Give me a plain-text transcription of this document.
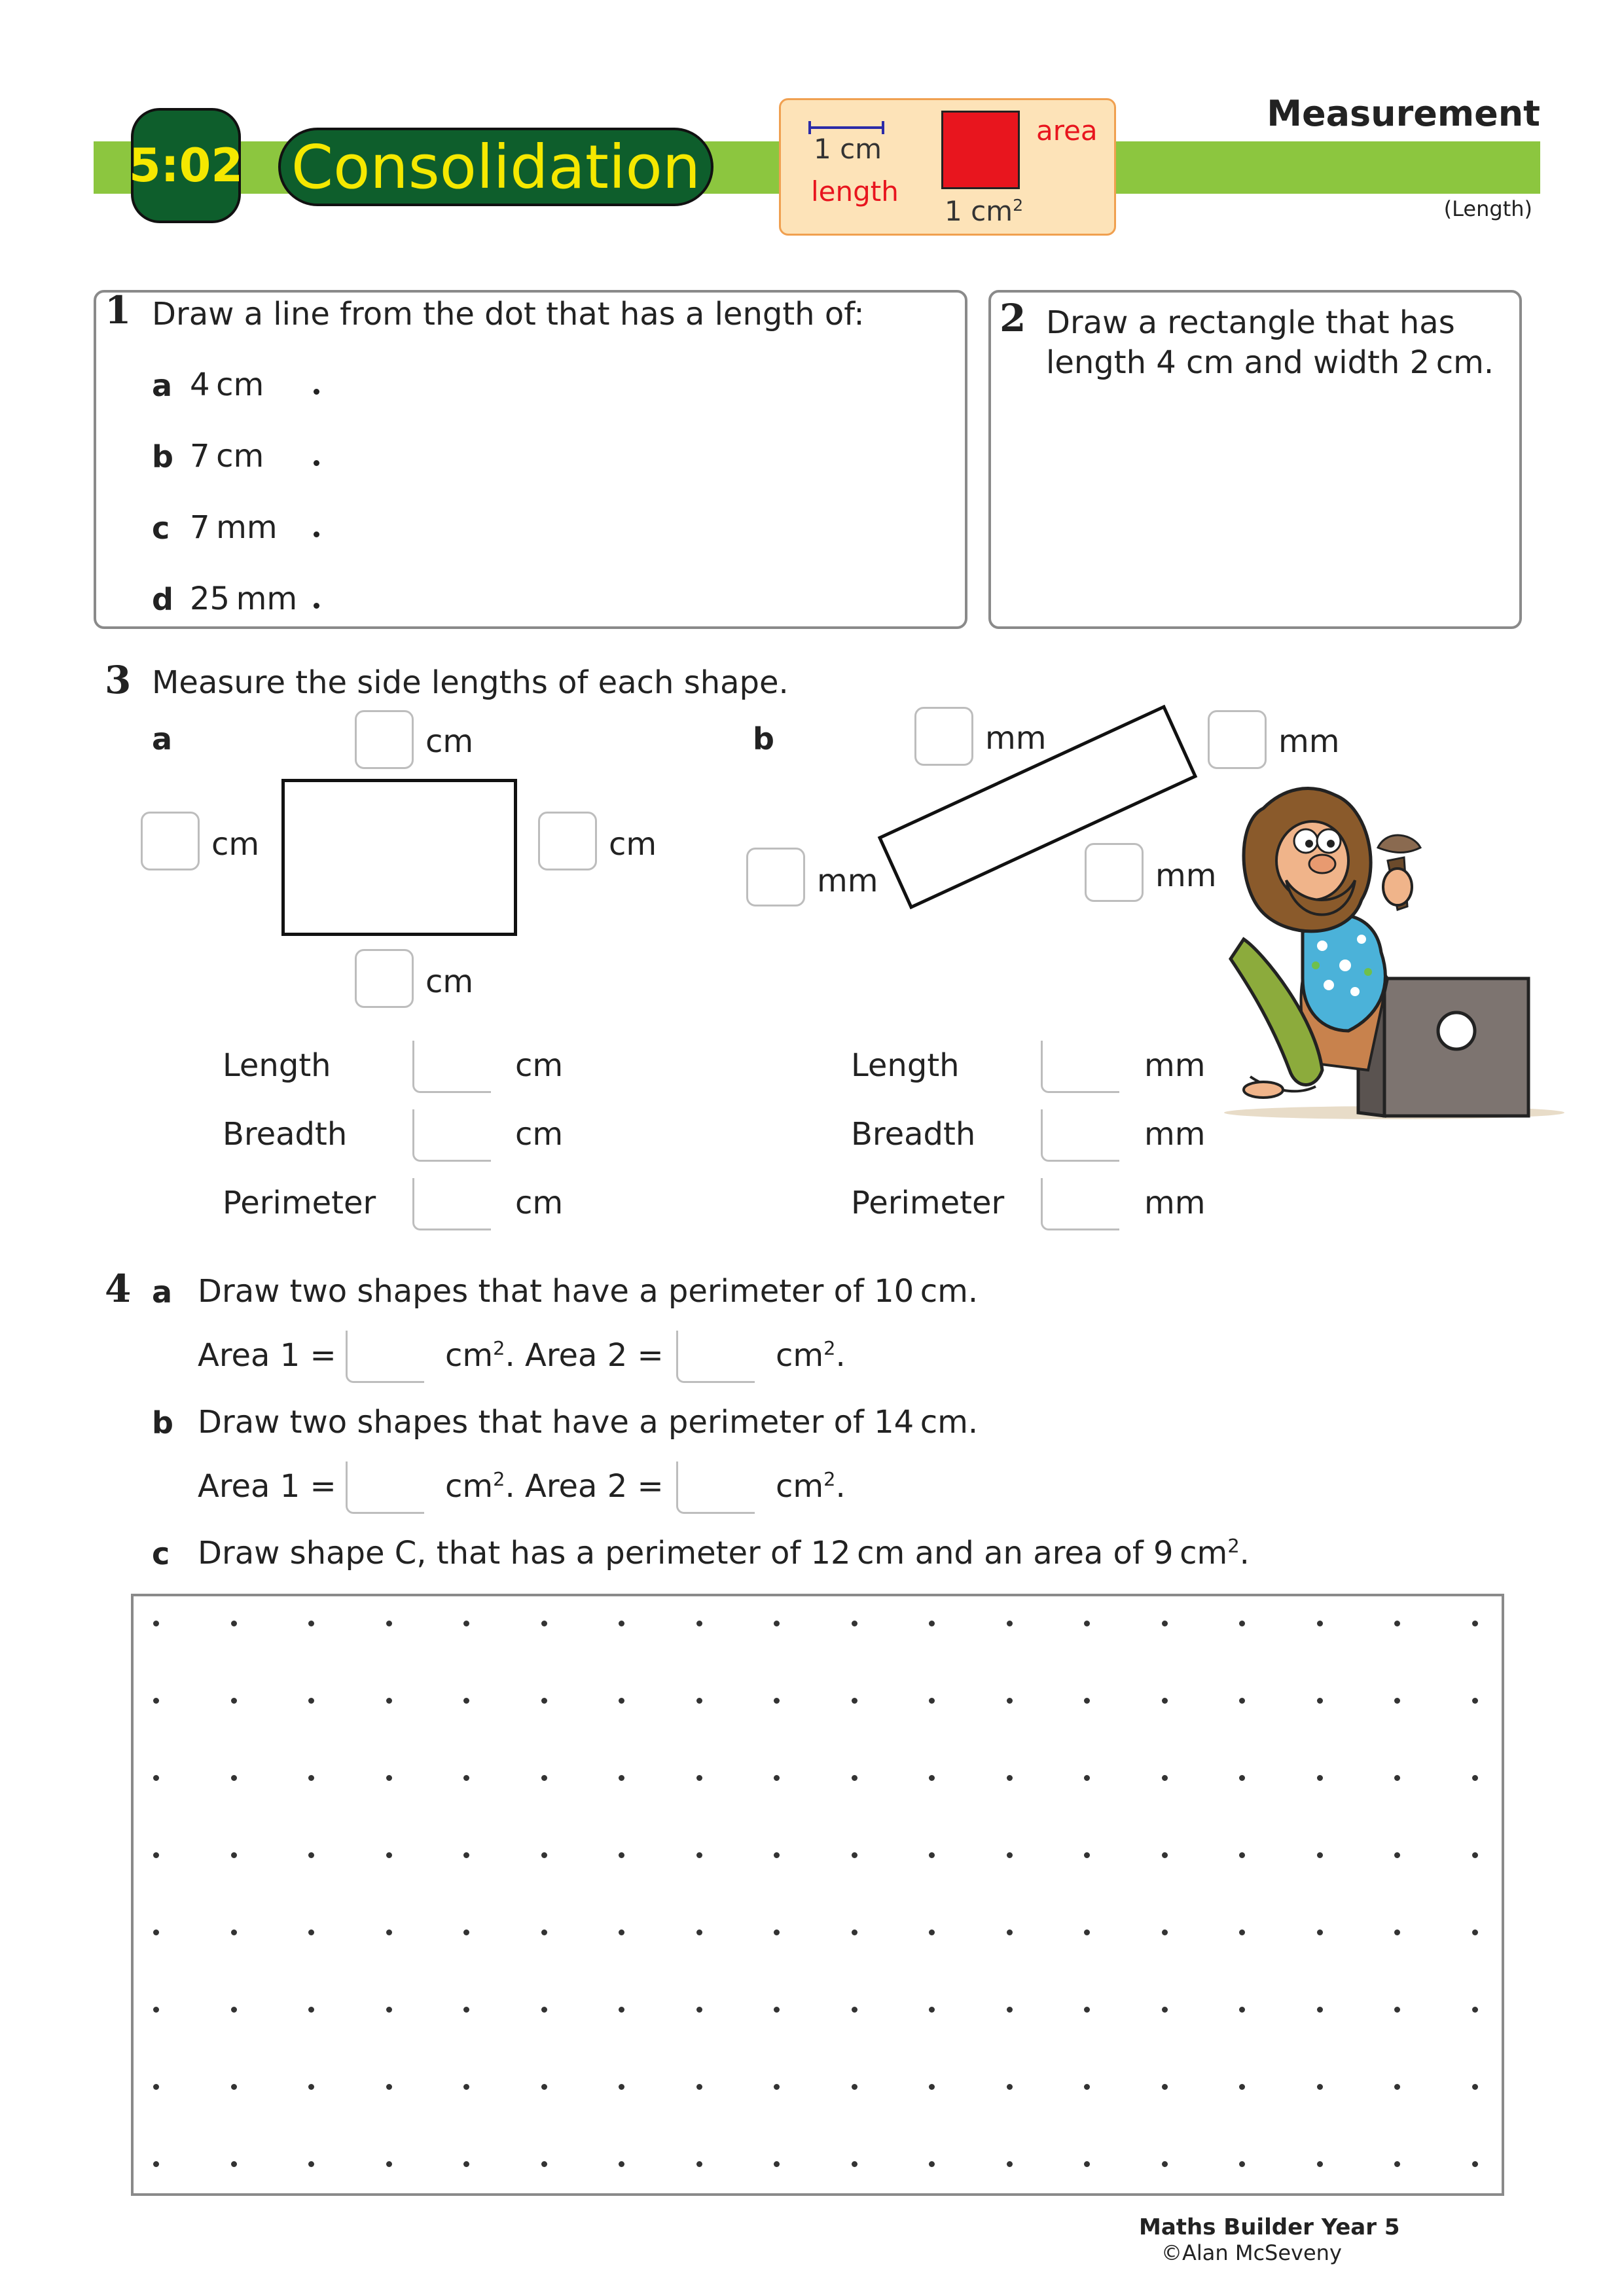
5:02 Consolidation	1 cm
length
area
1 $cm^2$
Measurement
(Length)
1 Draw a line from the dot that has a length of:
a 4 cm
b 7 cm
c 7 mm
d 25 mm
2 Draw a rectangle that has
length 4 cm and width 2 cm.
3 Measure the side lengths of each shape.
a	cm
cm	cm
cm
Length	cm
Breadth	cm
Perimeter	cm
b	mm	mm
mm	mm
Length	mm
Breadth	mm
Perimeter	mm
4 a Draw two shapes that have a perimeter of 10 cm.
Area 1 =	$cm^2$. Area 2 =	$cm^2$.
b Draw two shapes that have a perimeter of 14 cm.
Area 1 =	$cm^2$. Area 2 =	$cm^2$.
c Draw shape C, that has a perimeter of 12 cm and an area of 9 $cm^2$.
Maths Builder Year 5
©Alan McSeveny
